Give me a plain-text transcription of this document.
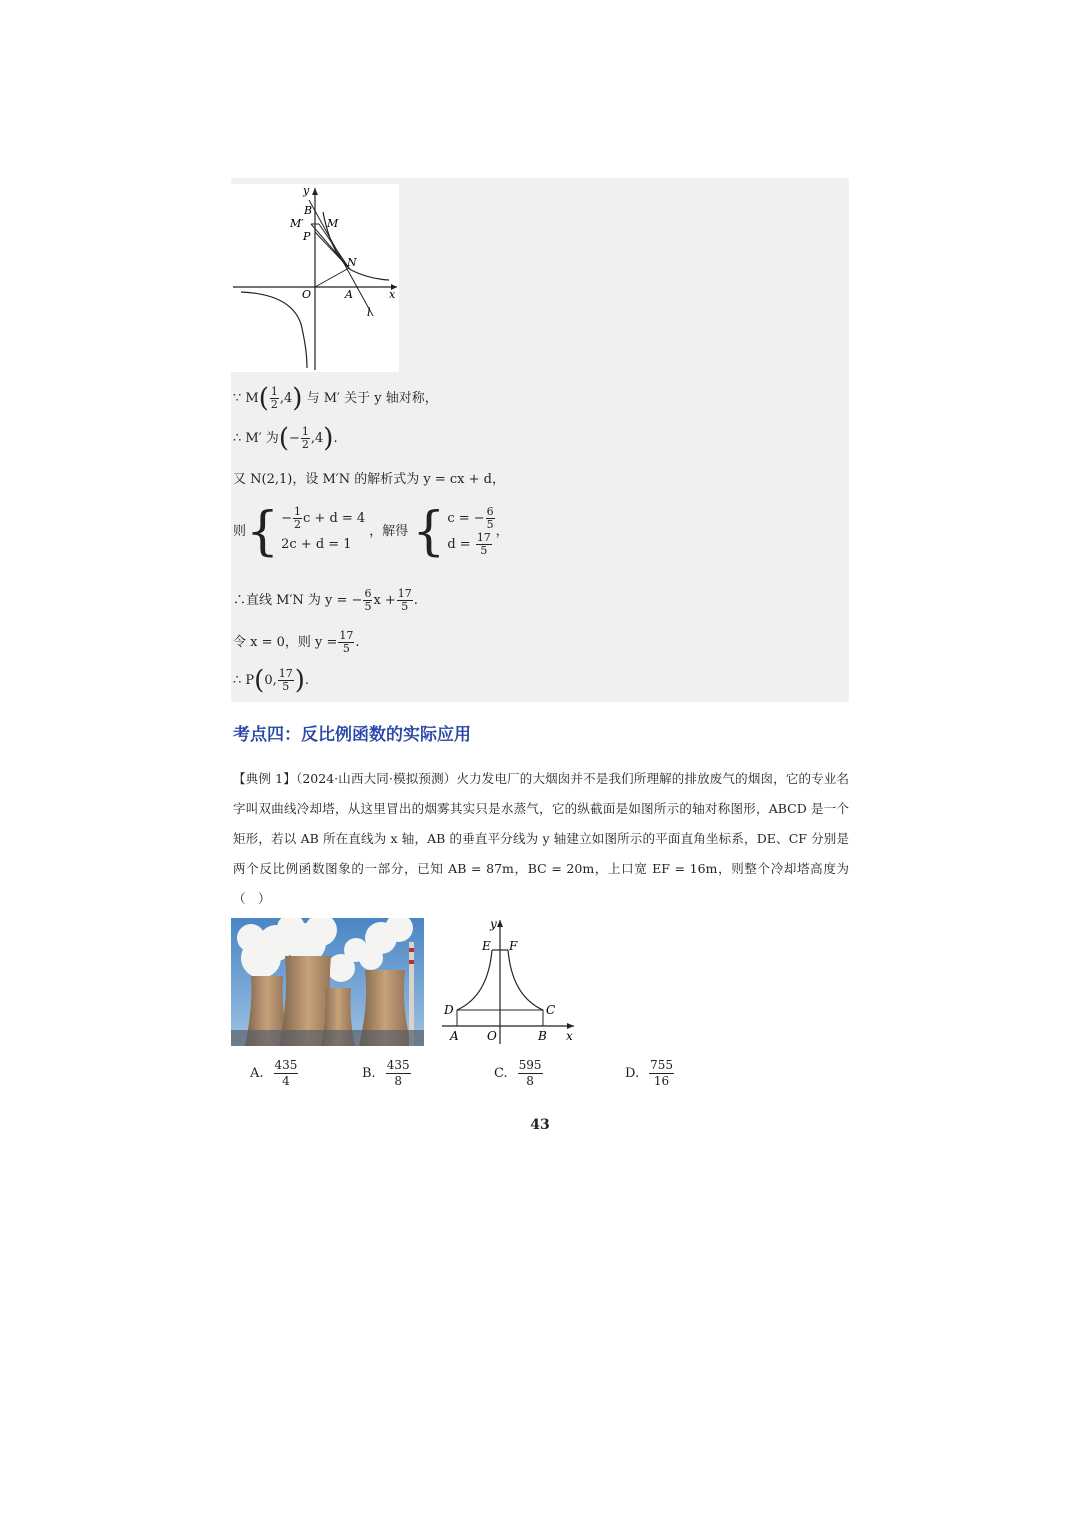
y
x
B
M′ M
P
N
O	A
l
∵ $M( \frac{1}{2} ,4)$ 与 M′ 关于 y 轴对称，
∴ M′ 为(− $\frac{1}{2} ,4$).
又 N(2,1)，设 M′N 的解析式为 y = cx + d，
则 { − $\frac{1}{2}$ c + d = 4
2c + d = 1
，解得 { c = − $\frac{6}{5}$
$d = \frac{17}{5}$
，
∴直线 M′N 为 y = − $\frac{6}{5}$ $x + \frac{17}{5}$ .
令 x = 0，则 $y = \frac{17}{5}$ .
∴ P(0, $\frac{17}{5}$ ).
考点四：反比例函数的实际应用
【典例 1】（2024·山西大同·模拟预测）火力发电厂的大烟囱并不是我们所理解的排放废气的烟囱，它的专业名字叫双曲线冷却塔，从这里冒出的烟雾其实只是水蒸气，它的纵截面是如图所示的轴对称图形，ABCD 是一个矩形，若以 AB 所在直线为 x 轴，AB 的垂直平分线为 y 轴建立如图所示的平面直角坐标系，DE、CF 分别是两个反比例函数图象的一部分，已知 AB = 87m，BC = 20m，上口宽 EF = 16m，则整个冷却塔高度为（　）
y
x
E F
D	C
A O	B
A. $\frac{435}{4}$	B. $\frac{435}{8}$	C. $\frac{595}{8}$	D. $\frac{755}{16}$
43
